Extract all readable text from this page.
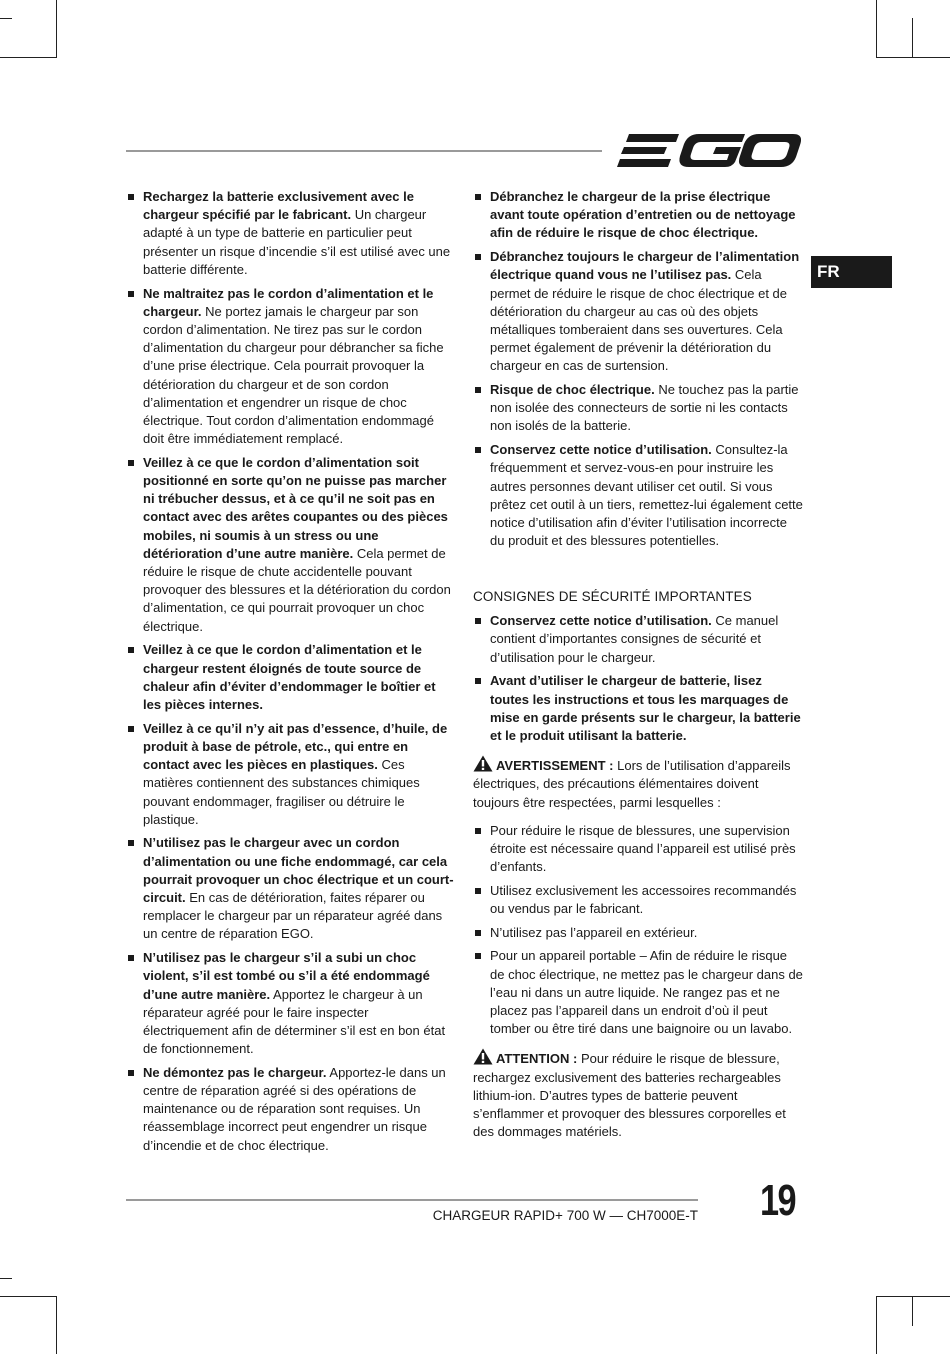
FR
Rechargez la batterie exclusivement avec le chargeur spécifié par le fabricant. Un chargeur adapté à un type de batterie en particulier peut présenter un risque d’incendie s’il est utilisé avec une batterie différente.
Ne maltraitez pas le cordon d’alimentation et le chargeur. Ne portez jamais le chargeur par son cordon d’alimentation. Ne tirez pas sur le cordon d’alimentation du chargeur pour débrancher sa fiche d’une prise électrique. Cela pourrait provoquer la détérioration du chargeur et de son cordon d’alimentation et engendrer un risque de choc électrique. Tout cordon d’alimentation endommagé doit être immédiatement remplacé.
Veillez à ce que le cordon d’alimentation soit positionné en sorte qu’on ne puisse pas marcher ni trébucher dessus, et à ce qu’il ne soit pas en contact avec des arêtes coupantes ou des pièces mobiles, ni soumis à un stress ou une détérioration d’une autre manière. Cela permet de réduire le risque de chute accidentelle pouvant provoquer des blessures et la détérioration du cordon d’alimentation, ce qui pourrait provoquer un choc électrique.
Veillez à ce que le cordon d’alimentation et le chargeur restent éloignés de toute source de chaleur afin d’éviter d’endommager le boîtier et les pièces internes.
Veillez à ce qu’il n’y ait pas d’essence, d’huile, de produit à base de pétrole, etc., qui entre en contact avec les pièces en plastiques. Ces matières contiennent des substances chimiques pouvant endommager, fragiliser ou détruire le plastique.
N’utilisez pas le chargeur avec un cordon d’alimentation ou une fiche endommagé, car cela pourrait provoquer un choc électrique et un court-circuit. En cas de détérioration, faites réparer ou remplacer le chargeur par un réparateur agréé dans un centre de réparation EGO.
N’utilisez pas le chargeur s’il a subi un choc violent, s’il est tombé ou s’il a été endommagé d’une autre manière. Apportez le chargeur à un réparateur agréé pour le faire inspecter électriquement afin de déterminer s’il est en bon état de fonctionnement.
Ne démontez pas le chargeur. Apportez-le dans un centre de réparation agréé si des opérations de maintenance ou de réparation sont requises. Un réassemblage incorrect peut engendrer un risque d’incendie et de choc électrique.
Débranchez le chargeur de la prise électrique avant toute opération d’entretien ou de nettoyage afin de réduire le risque de choc électrique.
Débranchez toujours le chargeur de l’alimentation électrique quand vous ne l’utilisez pas. Cela permet de réduire le risque de choc électrique et de détérioration du chargeur au cas où des objets métalliques tomberaient dans ses ouvertures. Cela permet également de prévenir la détérioration du chargeur en cas de surtension.
Risque de choc électrique. Ne touchez pas la partie non isolée des connecteurs de sortie ni les contacts non isolés de la batterie.
Conservez cette notice d’utilisation. Consultez-la fréquemment et servez-vous-en pour instruire les autres personnes devant utiliser cet outil. Si vous prêtez cet outil à un tiers, remettez-lui également cette notice d’utilisation afin d’éviter l’utilisation incorrecte du produit et des blessures potentielles.
CONSIGNES DE SÉCURITÉ IMPORTANTES
Conservez cette notice d’utilisation. Ce manuel contient d’importantes consignes de sécurité et d’utilisation pour le chargeur.
Avant d’utiliser le chargeur de batterie, lisez toutes les instructions et tous les marquages de mise en garde présents sur le chargeur, la batterie et le produit utilisant la batterie.
AVERTISSEMENT : Lors de l’utilisation d’appareils électriques, des précautions élémentaires doivent toujours être respectées, parmi lesquelles :
Pour réduire le risque de blessures, une supervision étroite est nécessaire quand l’appareil est utilisé près d’enfants.
Utilisez exclusivement les accessoires recommandés ou vendus par le fabricant.
N’utilisez pas l’appareil en extérieur.
Pour un appareil portable – Afin de réduire le risque de choc électrique, ne mettez pas le chargeur dans de l’eau ni dans un autre liquide. Ne rangez pas et ne placez pas l’appareil dans un endroit d’où il peut tomber ou être tiré dans une baignoire ou un lavabo.
ATTENTION : Pour réduire le risque de blessure, rechargez exclusivement des batteries rechargeables lithium-ion. D’autres types de batterie peuvent s’enflammer et provoquer des blessures corporelles et des dommages matériels.
CHARGEUR RAPID+ 700 W — CH7000E-T 19
